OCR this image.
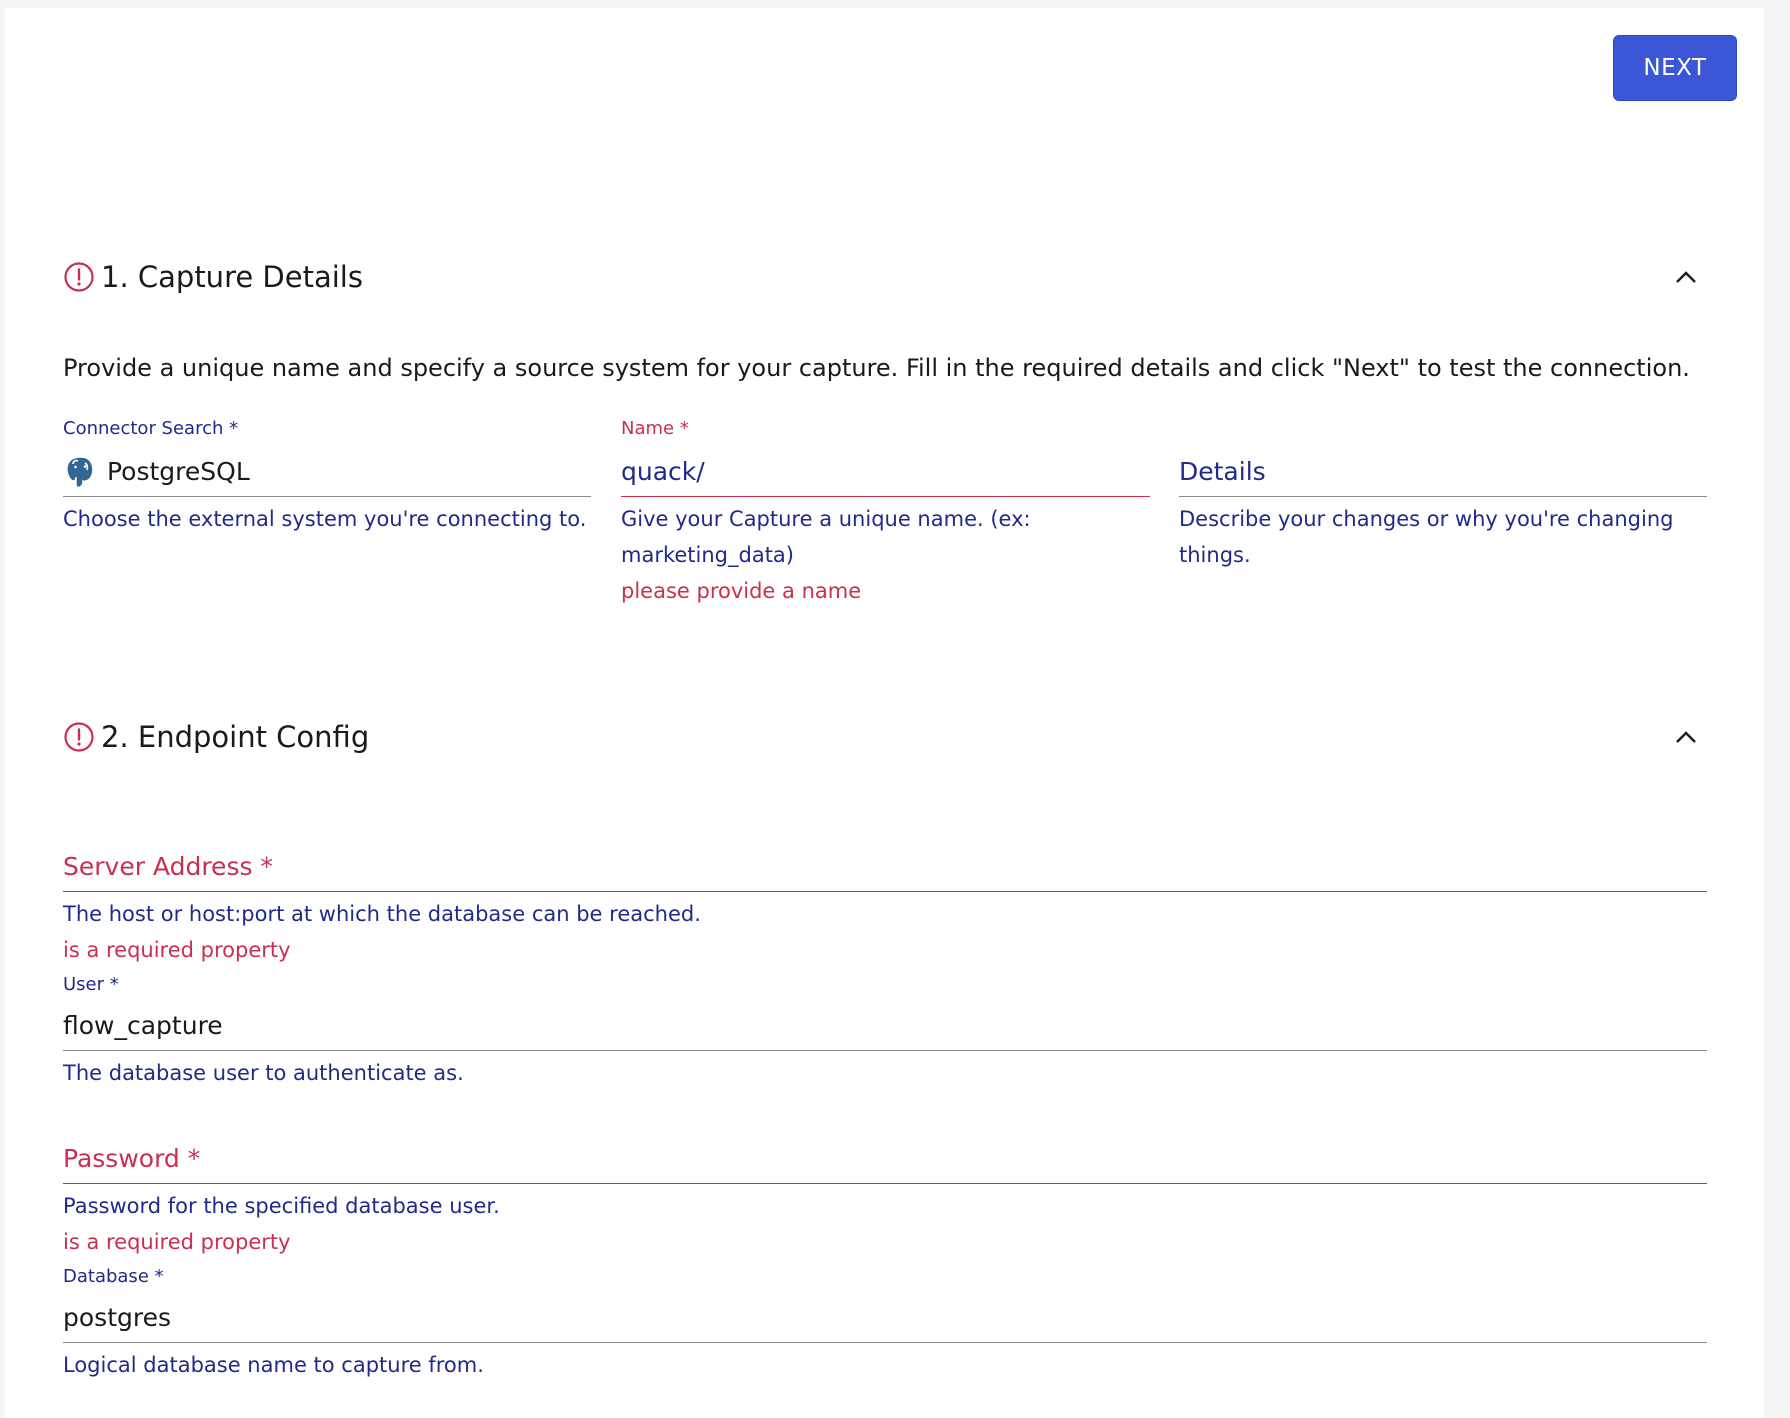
NEXT
1. Capture Details
Provide a unique name and specify a source system for your capture. Fill in the required details and click "Next" to test the connection.
Connector Search *
PostgreSQL
Choose the external system you're connecting to.
Name *
quack/
Give your Capture a unique name. (ex:
marketing_data)
please provide a name
Details
Describe your changes or why you're changing
things.
2. Endpoint Config
Server Address *
The host or host:port at which the database can be reached.
is a required property
User *
flow_capture
The database user to authenticate as.
Password *
Password for the specified database user.
is a required property
Database *
postgres
Logical database name to capture from.
